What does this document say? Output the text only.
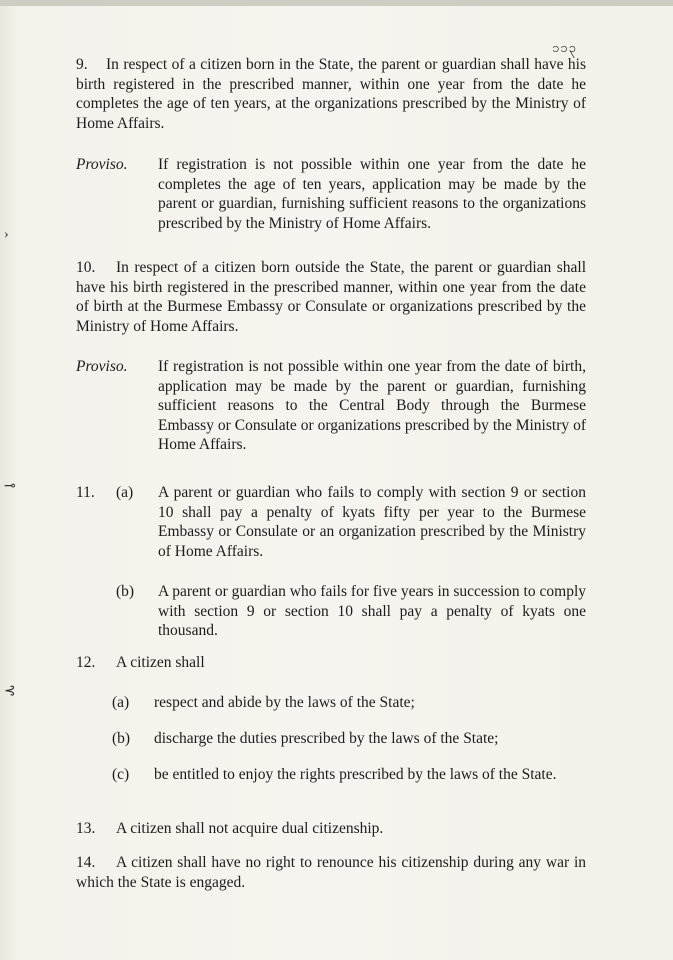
၁၁၃
9. In respect of a citizen born in the State, the parent or guardian shall have his birth registered in the prescribed manner, within one year from the date he completes the age of ten years, at the organizations prescribed by the Ministry of Home Affairs.
Proviso. If registration is not possible within one year from the date he completes the age of ten years, application may be made by the parent or guardian, furnishing sufficient reasons to the organizations prescribed by the Ministry of Home Affairs.
10. In respect of a citizen born outside the State, the parent or guardian shall have his birth registered in the prescribed manner, within one year from the date of birth at the Burmese Embassy or Consulate or organizations prescribed by the Ministry of Home Affairs.
Proviso. If registration is not possible within one year from the date of birth, application may be made by the parent or guardian, furnishing sufficient reasons to the Central Body through the Burmese Embassy or Consulate or organizations prescribed by the Ministry of Home Affairs.
›
⊸	11. (a) A parent or guardian who fails to comply with section 9 or section 10 shall pay a penalty of kyats fifty per year to the Burmese Embassy or Consulate or an organization prescribed by the Ministry of Home Affairs.
(b) A parent or guardian who fails for five years in succession to comply with section 9 or section 10 shall pay a penalty of kyats one thousand.
12. A citizen shall
⊰
(a) respect and abide by the laws of the State;
(b) discharge the duties prescribed by the laws of the State;
(c) be entitled to enjoy the rights prescribed by the laws of the State.
13. A citizen shall not acquire dual citizenship.
14. A citizen shall have no right to renounce his citizenship during any war in which the State is engaged.
